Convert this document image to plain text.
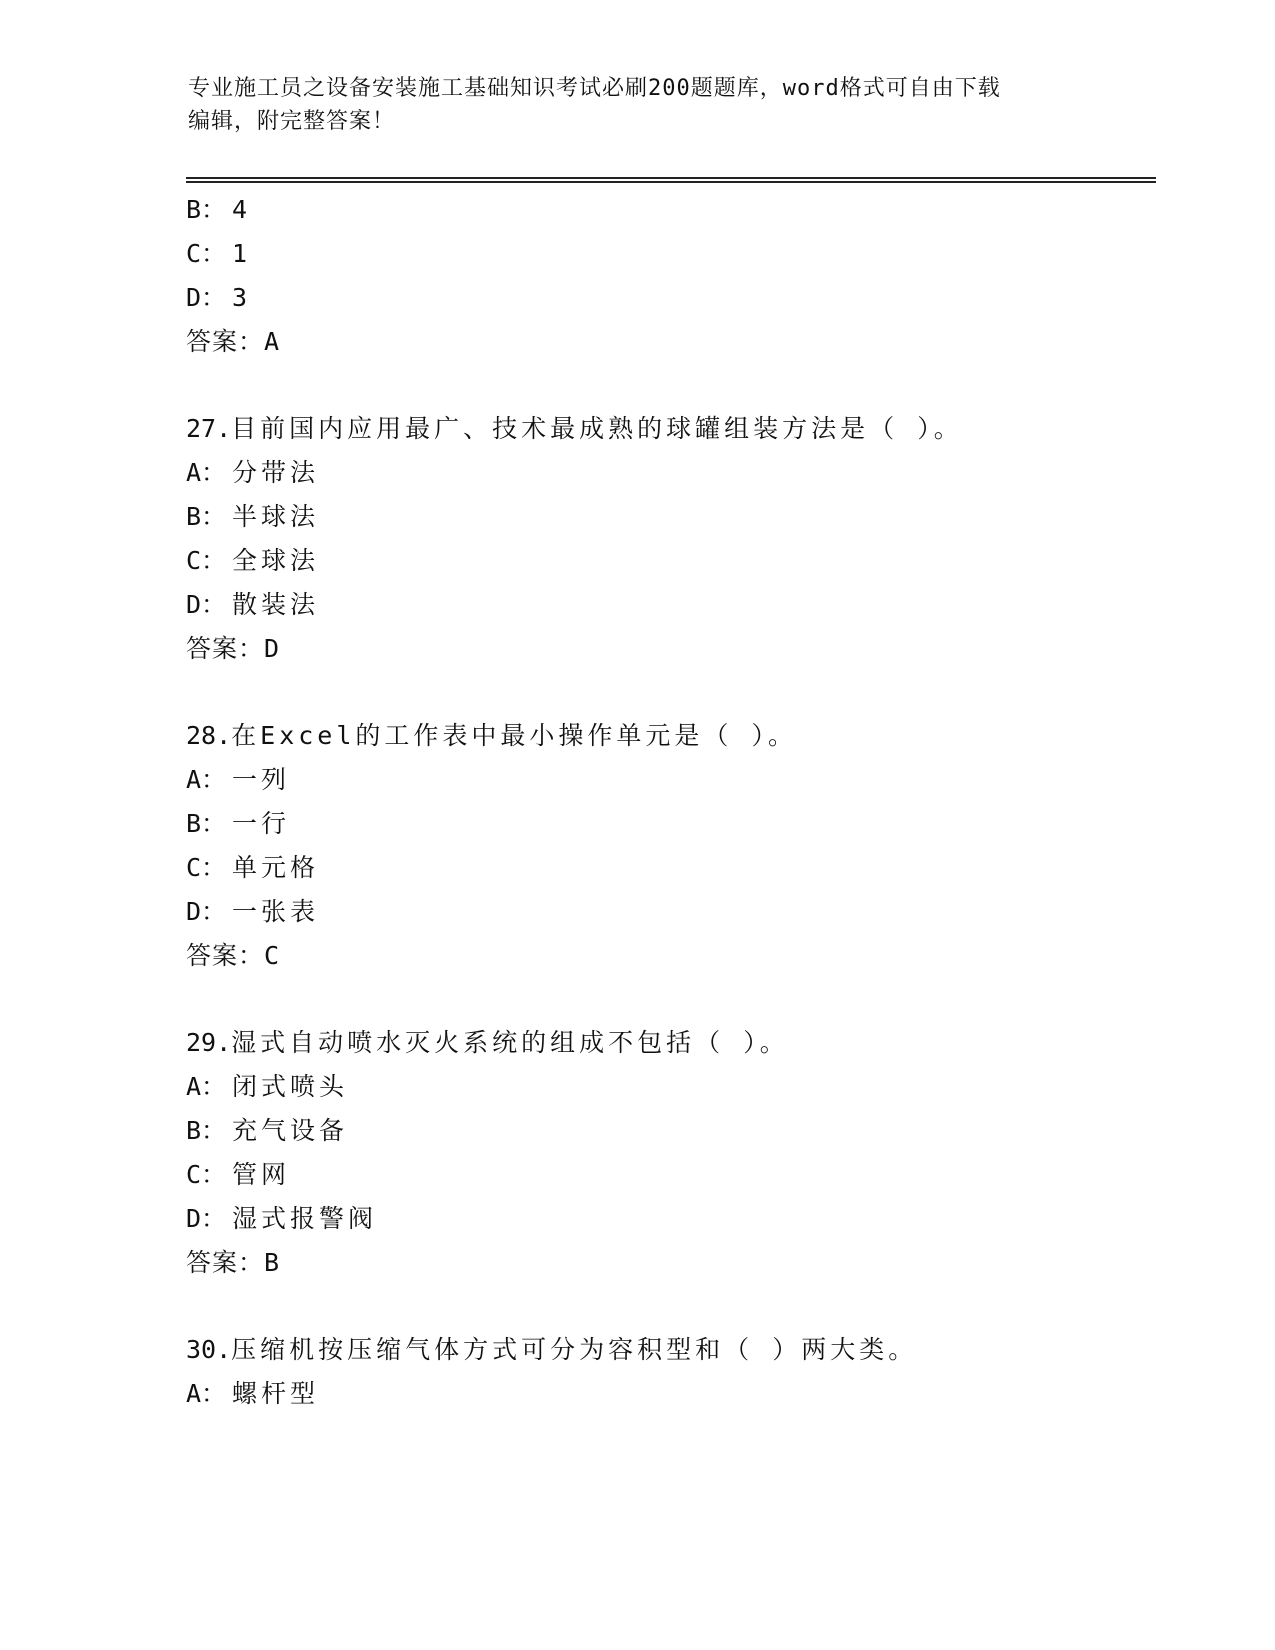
专业施工员之设备安装施工基础知识考试必刷200题题库，word格式可自由下载
编辑，附完整答案！
B： 4
C： 1
D： 3
答案：A
27.目前国内应用最广、技术最成熟的球罐组装方法是（ ）。
A： 分带法
B： 半球法
C： 全球法
D： 散装法
答案：D
28.在Excel的工作表中最小操作单元是（ ）。
A： 一列
B： 一行
C： 单元格
D： 一张表
答案：C
29.湿式自动喷水灭火系统的组成不包括（ ）。
A： 闭式喷头
B： 充气设备
C： 管网
D： 湿式报警阀
答案：B
30.压缩机按压缩气体方式可分为容积型和（ ）两大类。
A： 螺杆型
